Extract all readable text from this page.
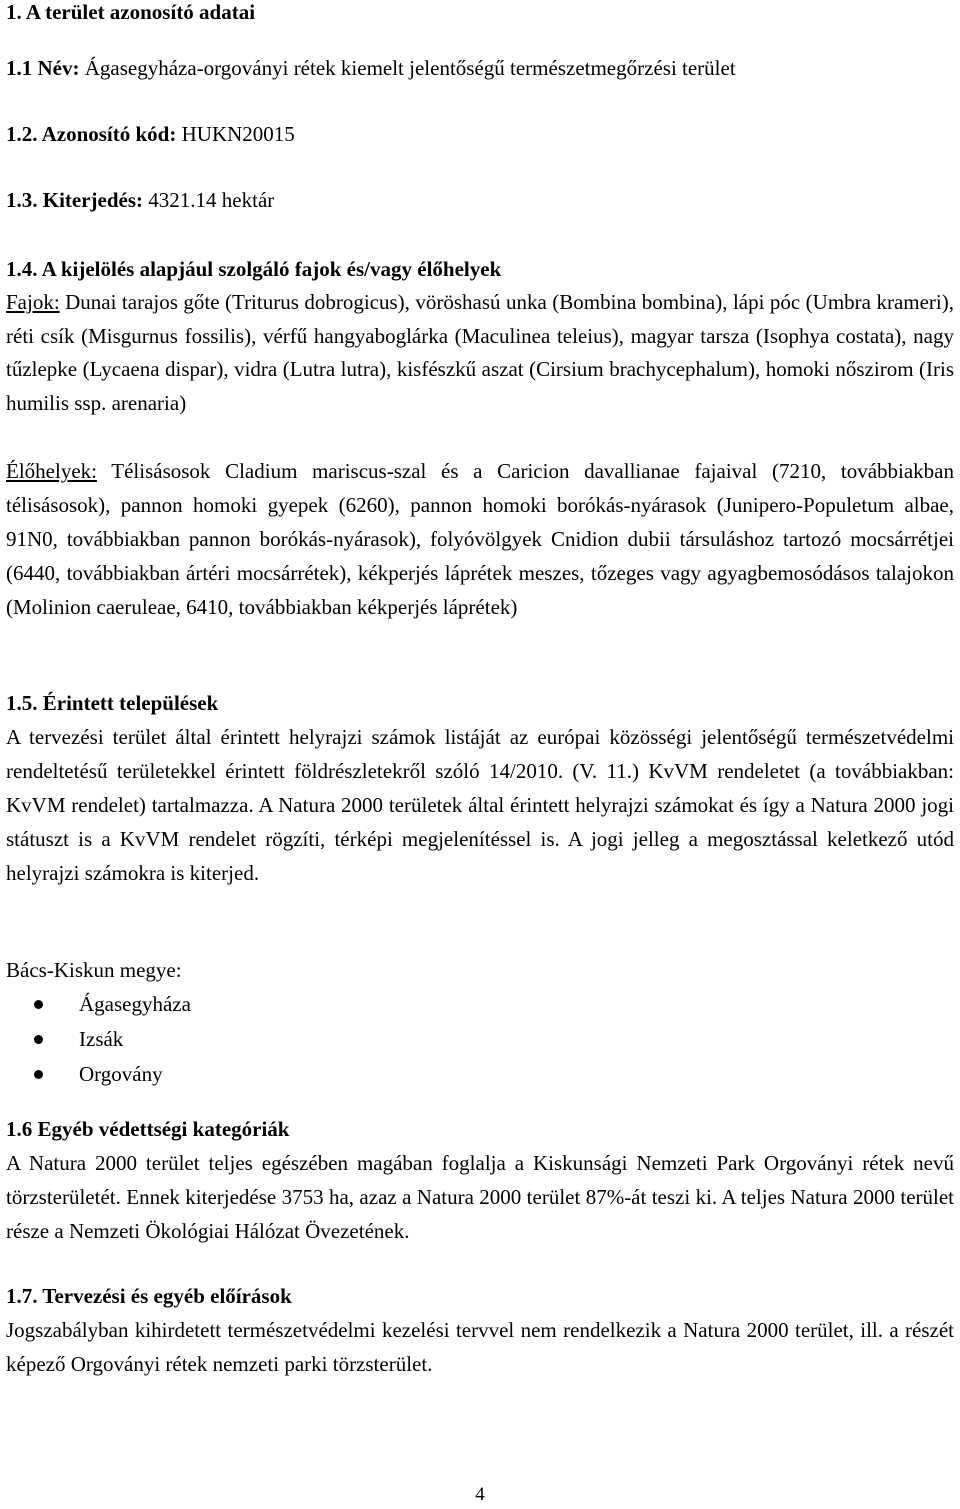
1. A terület azonosító adatai
1.1 Név: Ágasegyháza-orgoványi rétek kiemelt jelentőségű természetmegőrzési terület
1.2. Azonosító kód: HUKN20015
1.3. Kiterjedés: 4321.14 hektár
1.4. A kijelölés alapjául szolgáló fajok és/vagy élőhelyek
Fajok: Dunai tarajos gőte (Triturus dobrogicus), vöröshasú unka (Bombina bombina), lápi póc (Umbra krameri), réti csík (Misgurnus fossilis), vérfű hangyaboglárka (Maculinea teleius), magyar tarsza (Isophya costata), nagy tűzlepke (Lycaena dispar), vidra (Lutra lutra), kisfészkű aszat (Cirsium brachycephalum), homoki nőszirom (Iris humilis ssp. arenaria)
Élőhelyek: Télisásosok Cladium mariscus-szal és a Caricion davallianae fajaival (7210, továbbiakban télisásosok), pannon homoki gyepek (6260), pannon homoki borókás-nyárasok (Junipero-Populetum albae, 91N0, továbbiakban pannon borókás-nyárasok), folyóvölgyek Cnidion dubii társuláshoz tartozó mocsárrétjei (6440, továbbiakban ártéri mocsárrétek), kékperjés láprétek meszes, tőzeges vagy agyagbemosódásos talajokon (Molinion caeruleae, 6410, továbbiakban kékperjés láprétek)
1.5. Érintett települések
A tervezési terület által érintett helyrajzi számok listáját az európai közösségi jelentőségű természetvédelmi rendeltetésű területekkel érintett földrészletekről szóló 14/2010. (V. 11.) KvVM rendeletet (a továbbiakban: KvVM rendelet) tartalmazza. A Natura 2000 területek által érintett helyrajzi számokat és így a Natura 2000 jogi státuszt is a KvVM rendelet rögzíti, térképi megjelenítéssel is. A jogi jelleg a megosztással keletkező utód helyrajzi számokra is kiterjed.
Bács-Kiskun megye:
Ágasegyháza
Izsák
Orgovány
1.6 Egyéb védettségi kategóriák
A Natura 2000 terület teljes egészében magában foglalja a Kiskunsági Nemzeti Park Orgoványi rétek nevű törzsterületét. Ennek kiterjedése 3753 ha, azaz a Natura 2000 terület 87%-át teszi ki. A teljes Natura 2000 terület része a Nemzeti Ökológiai Hálózat Övezetének.
1.7. Tervezési és egyéb előírások
Jogszabályban kihirdetett természetvédelmi kezelési tervvel nem rendelkezik a Natura 2000 terület, ill. a részét képező Orgoványi rétek nemzeti parki törzsterület.
4
